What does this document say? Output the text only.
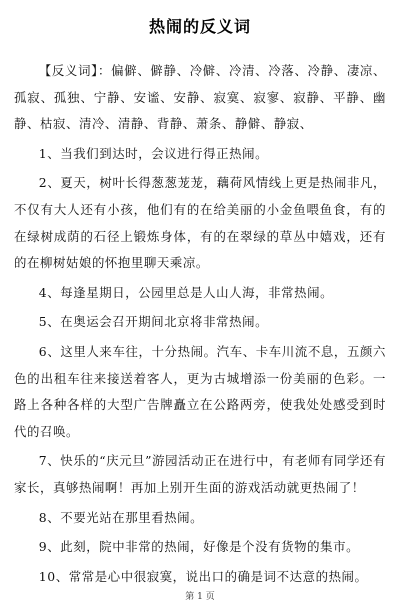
热闹的反义词

【反义词】：偏僻、僻静、冷僻、冷清、冷落、冷静、凄凉、孤寂、孤独、宁静、安谧、安静、寂寞、寂寥、寂静、平静、幽静、枯寂、清冷、清静、背静、萧条、静僻、静寂、

1、当我们到达时，会议进行得正热闹。

2、夏天，树叶长得葱葱茏茏，藕荷风情线上更是热闹非凡，不仅有大人还有小孩，他们有的在给美丽的小金鱼喂鱼食，有的在绿树成荫的石径上锻炼身体，有的在翠绿的草丛中嬉戏，还有的在柳树姑娘的怀抱里聊天乘凉。

4、每逢星期日，公园里总是人山人海，非常热闹。

5、在奥运会召开期间北京将非常热闹。

6、这里人来车往，十分热闹。汽车、卡车川流不息，五颜六色的出租车往来接送着客人，更为古城增添一份美丽的色彩。一路上各种各样的大型广告牌矗立在公路两旁，使我处处感受到时代的召唤。

7、快乐的“庆元旦”游园活动正在进行中，有老师有同学还有家长，真够热闹啊！再加上别开生面的游戏活动就更热闹了！

8、不要光站在那里看热闹。

9、此刻，院中非常的热闹，好像是个没有货物的集市。

10、常常是心中很寂寞，说出口的确是词不达意的热闹。

第 1 页
